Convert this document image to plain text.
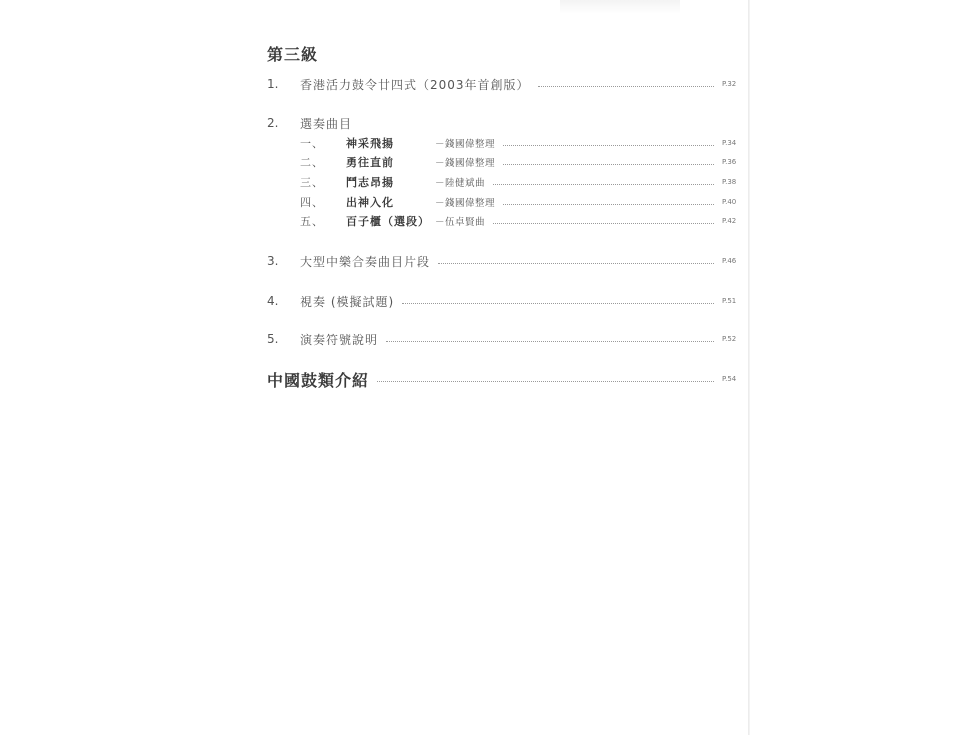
第三級
1.	香港活力鼓令廿四式（2003年首創版）	P.32
2.	選奏曲目
一、	神采飛揚	－錢國偉整理	P.34
二、	勇往直前	－錢國偉整理	P.36
三、	鬥志昂揚	－陸健斌曲	P.38
四、	出神入化	－錢國偉整理	P.40
五、	百子櫃（選段） －伍卓賢曲	P.42
3.	大型中樂合奏曲目片段	P.46
4.	視奏 (模擬試題)	P.51
5.	演奏符號說明	P.52
中國鼓類介紹	P.54
